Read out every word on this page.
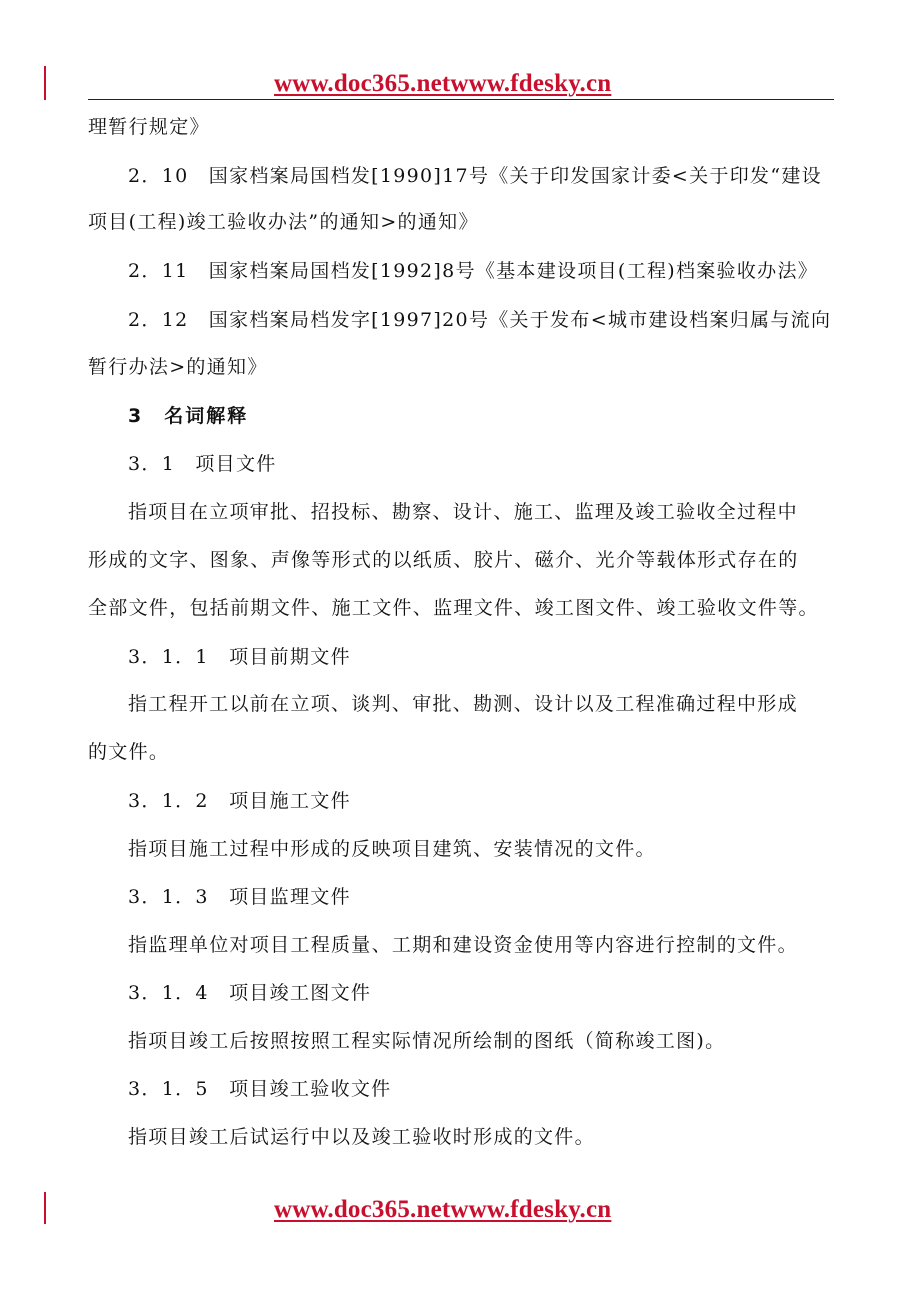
www.doc365.netwww.fdesky.cn
理暂行规定》
2．10　国家档案局国档发[1990]17号《关于印发国家计委<关于印发“建设
项目(工程)竣工验收办法”的通知>的通知》
2．11　国家档案局国档发[1992]8号《基本建设项目(工程)档案验收办法》
2．12　国家档案局档发字[1997]20号《关于发布<城市建设档案归属与流向
暂行办法>的通知》
3　名词解释
3．1　项目文件
指项目在立项审批、招投标、勘察、设计、施工、监理及竣工验收全过程中
形成的文字、图象、声像等形式的以纸质、胶片、磁介、光介等载体形式存在的
全部文件，包括前期文件、施工文件、监理文件、竣工图文件、竣工验收文件等。
3．1．1　项目前期文件
指工程开工以前在立项、谈判、审批、勘测、设计以及工程准确过程中形成
的文件。
3．1．2　项目施工文件
指项目施工过程中形成的反映项目建筑、安装情况的文件。
3．1．3　项目监理文件
指监理单位对项目工程质量、工期和建设资金使用等内容进行控制的文件。
3．1．4　项目竣工图文件
指项目竣工后按照按照工程实际情况所绘制的图纸（简称竣工图)。
3．1．5　项目竣工验收文件
指项目竣工后试运行中以及竣工验收时形成的文件。
www.doc365.netwww.fdesky.cn
